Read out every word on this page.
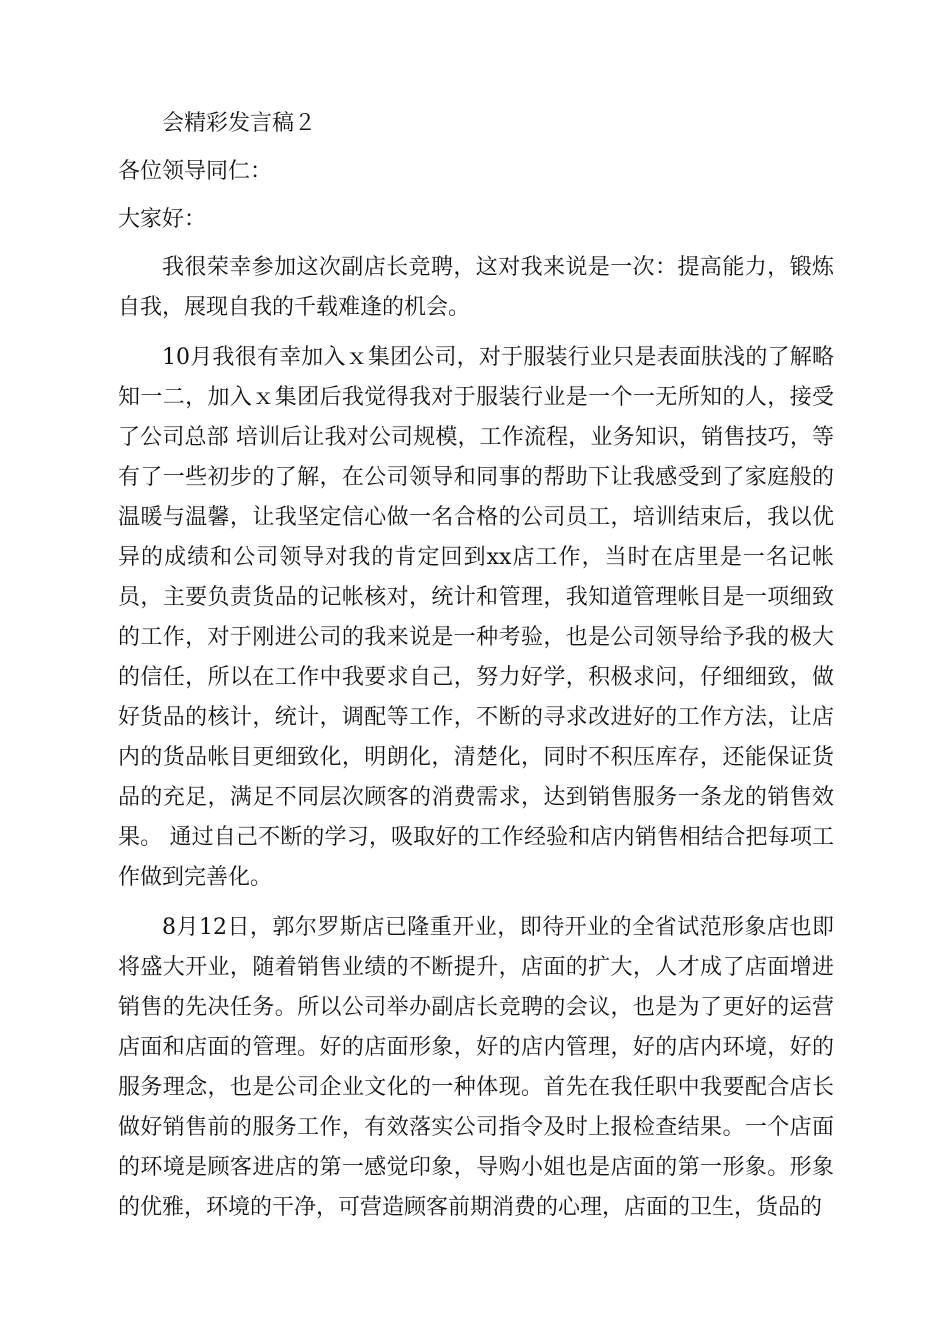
会精彩发言稿２

各位领导同仁：

大家好：

我很荣幸参加这次副店长竞聘，这对我来说是一次：提高能力，锻炼自我，展现自我的千载难逢的机会。

10月我很有幸加入ｘ集团公司，对于服装行业只是表面肤浅的了解略知一二，加入ｘ集团后我觉得我对于服装行业是一个一无所知的人，接受了公司总部 培训后让我对公司规模，工作流程，业务知识，销售技巧，等有了一些初步的了解，在公司领导和同事的帮助下让我感受到了家庭般的温暖与温馨，让我坚定信心做一名合格的公司员工，培训结束后，我以优异的成绩和公司领导对我的肯定回到xx店工作，当时在店里是一名记帐员，主要负责货品的记帐核对，统计和管理，我知道管理帐目是一项细致的工作，对于刚进公司的我来说是一种考验，也是公司领导给予我的极大的信任，所以在工作中我要求自己，努力好学，积极求问，仔细细致，做好货品的核计，统计，调配等工作，不断的寻求改进好的工作方法，让店内的货品帐目更细致化，明朗化，清楚化，同时不积压库存，还能保证货品的充足，满足不同层次顾客的消费需求，达到销售服务一条龙的销售效果。 通过自己不断的学习，吸取好的工作经验和店内销售相结合把每项工作做到完善化。

8月12日，郭尔罗斯店已隆重开业，即待开业的全省试范形象店也即将盛大开业，随着销售业绩的不断提升，店面的扩大，人才成了店面增进销售的先决任务。所以公司举办副店长竞聘的会议，也是为了更好的运营店面和店面的管理。好的店面形象，好的店内管理，好的店内环境，好的服务理念，也是公司企业文化的一种体现。首先在我任职中我要配合店长做好销售前的服务工作，有效落实公司指令及时上报检查结果。一个店面的环境是顾客进店的第一感觉印象，导购小姐也是店面的第一形象。形象的优雅，环境的干净，可营造顾客前期消费的心理，店面的卫生，货品的
